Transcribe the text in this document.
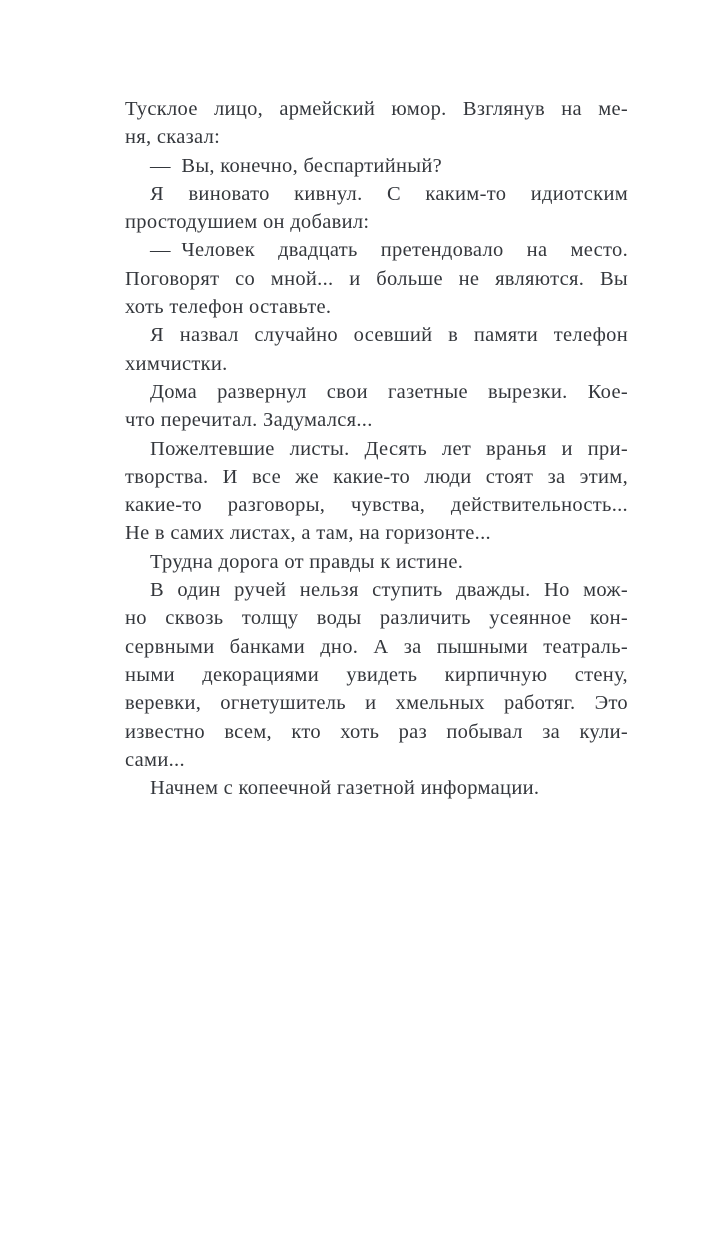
Тусклое лицо, армейский юмор. Взглянув на ме-
ня, сказал:
— Вы, конечно, беспартийный?
Я виновато кивнул. С каким-то идиотским
простодушием он добавил:
— Человек двадцать претендовало на место.
Поговорят со мной... и больше не являются. Вы
хоть телефон оставьте.
Я назвал случайно осевший в памяти телефон
химчистки.
Дома развернул свои газетные вырезки. Кое-
что перечитал. Задумался...
Пожелтевшие листы. Десять лет вранья и при-
творства. И все же какие-то люди стоят за этим,
какие-то разговоры, чувства, действительность...
Не в самих листах, а там, на горизонте...
Трудна дорога от правды к истине.
В один ручей нельзя ступить дважды. Но мож-
но сквозь толщу воды различить усеянное кон-
сервными банками дно. А за пышными театраль-
ными декорациями увидеть кирпичную стену,
веревки, огнетушитель и хмельных работяг. Это
известно всем, кто хоть раз побывал за кули-
сами...
Начнем с копеечной газетной информации.
